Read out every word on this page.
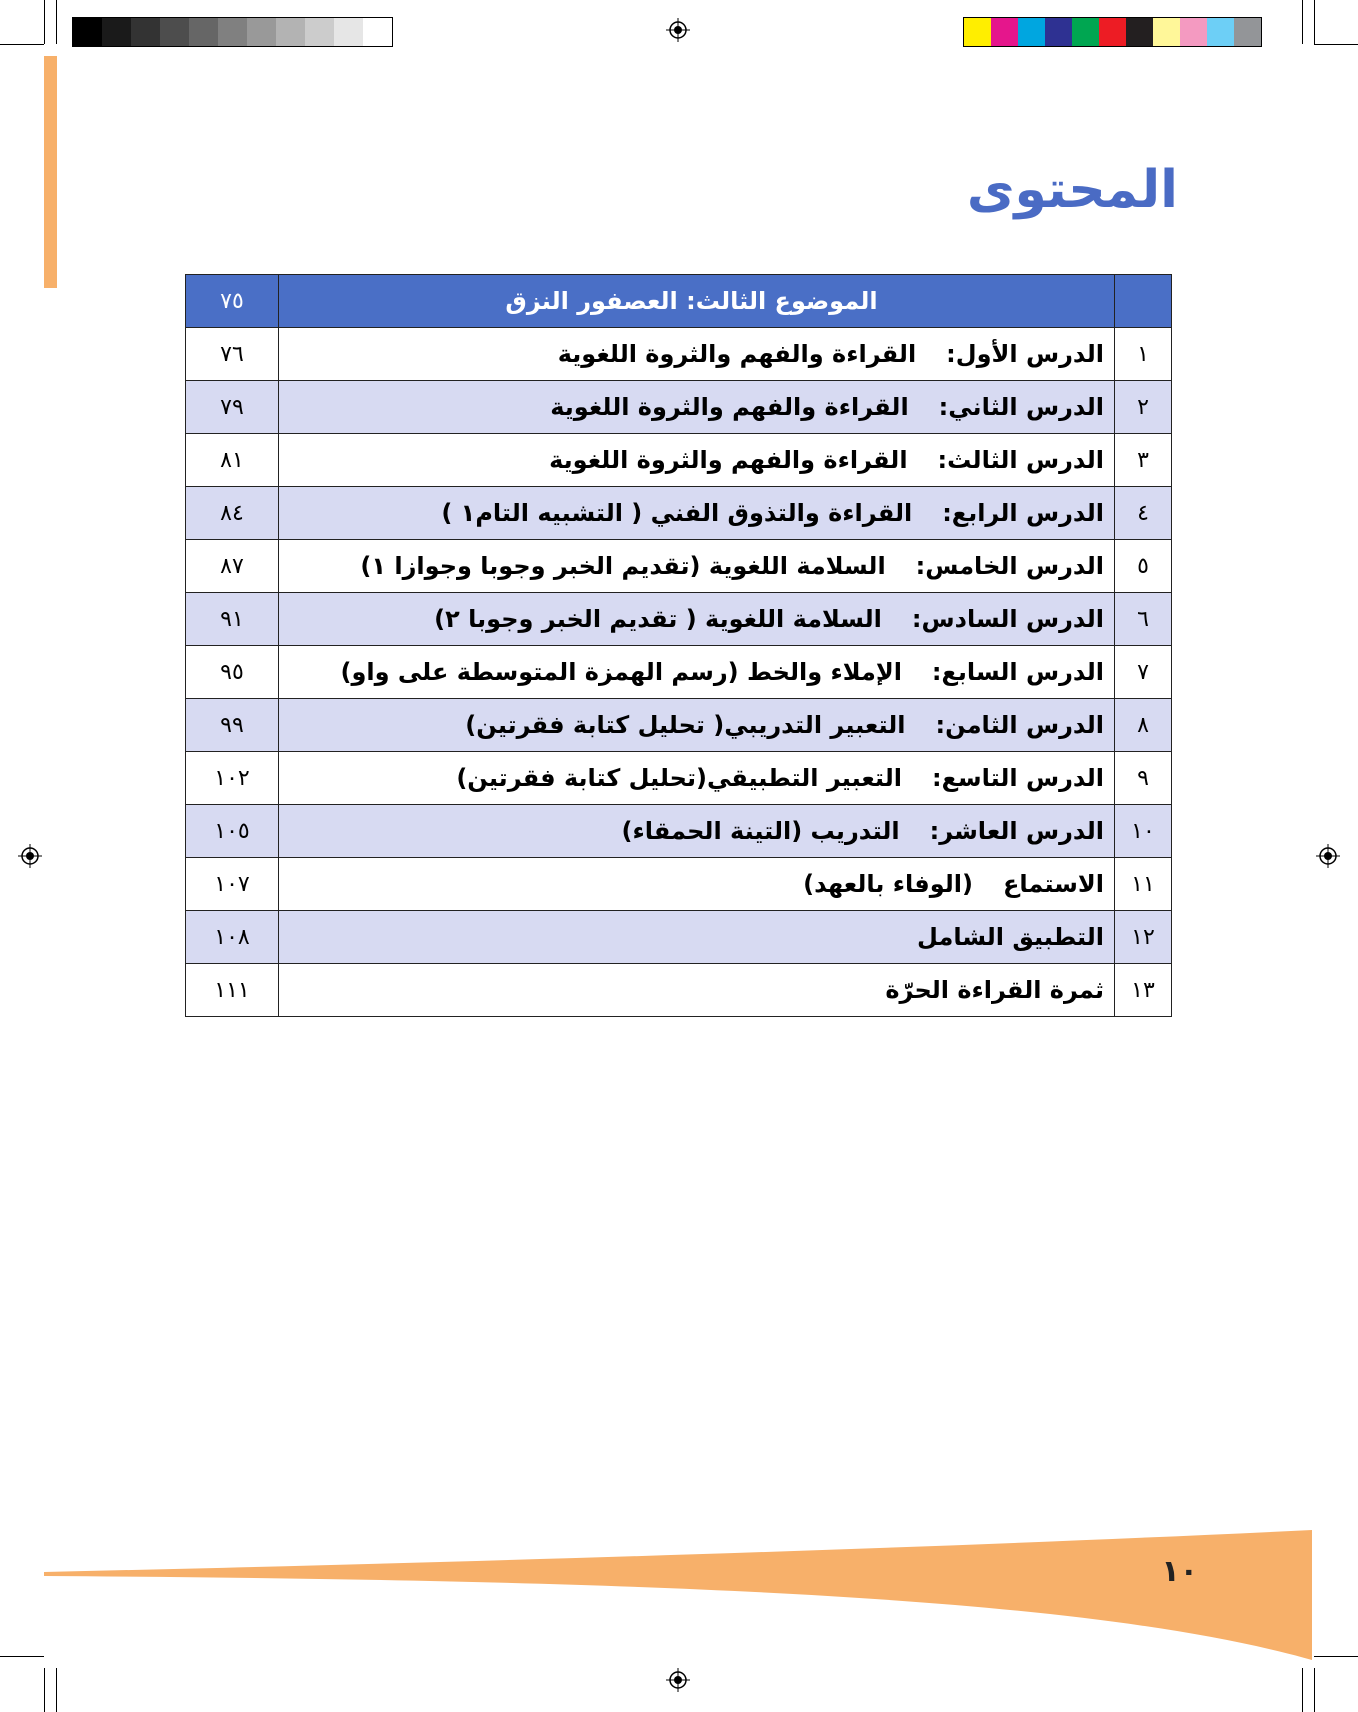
المحتوى
	الموضوع الثالث: العصفور النزق	٧٥
١	الدرس الأول:القراءة والفهم والثروة اللغوية	٧٦
٢	الدرس الثاني:القراءة والفهم والثروة اللغوية	٧٩
٣	الدرس الثالث:القراءة والفهم والثروة اللغوية	٨١
٤	الدرس الرابع:القراءة والتذوق الفني ( التشبيه التام١ )	٨٤
٥	الدرس الخامس:السلامة اللغوية (تقديم الخبر وجوبا وجوازا ١)	٨٧
٦	الدرس السادس:السلامة اللغوية ( تقديم الخبر وجوبا ٢)	٩١
٧	الدرس السابع:الإملاء والخط (رسم الهمزة المتوسطة على واو)	٩٥
٨	الدرس الثامن:التعبير التدريبي( تحليل كتابة فقرتين)	٩٩
٩	الدرس التاسع:التعبير التطبيقي(تحليل كتابة فقرتين)	١٠٢
١٠	الدرس العاشر:التدريب (التينة الحمقاء)	١٠٥
١١	الاستماع(الوفاء بالعهد)	١٠٧
١٢	التطبيق الشامل	١٠٨
١٣	ثمرة القراءة الحرّة	١١١
١٠
